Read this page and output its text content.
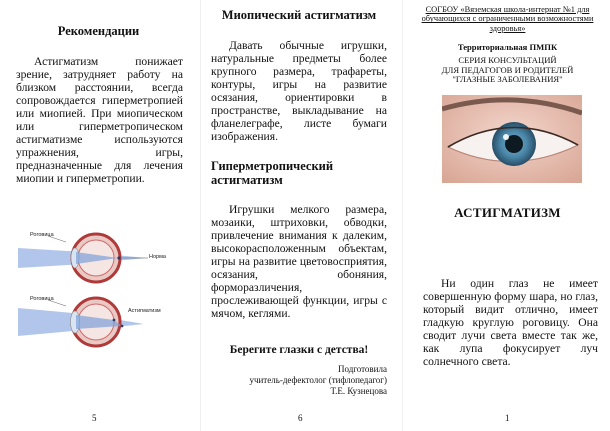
Рекомендации

Астигматизм понижает зрение, затрудняет работу на близком расстоянии, всегда сопровождается гиперметропией или миопией. При миопическом или гиперметропическом астигматизме используются упражнения, игры, предназначенные для лечения миопии и гиперметропии.

Роговица
Норма
Роговица
Астигматизм
5
Миопический астигматизм

Давать обычные игрушки, натуральные предметы более крупного размера, трафареты, контуры, игры на развитие осязания, ориентировки в пространстве, выкладывание на фланелеграфе, листе бумаги изображения.

Гиперметропический астигматизм

Игрушки мелкого размера, мозаики, штриховки, обводки, привлечение внимания к далеким, высокорасположенным объектам, игры на развитие цветовосприятия, осязания, обоняния, форморазличения, прослеживающей функции, игры с мячом, кеглями.

Берегите глазки с детства!
Подготовила
учитель-дефектолог (тифлопедагог)
Т.Е. Кузнецова
6
СОГБОУ «Вяземская школа-интернат №1 для обучающихся с ограниченными возможностями здоровья»
Территориальная ПМПК
СЕРИЯ КОНСУЛЬТАЦИЙ
ДЛЯ ПЕДАГОГОВ И РОДИТЕЛЕЙ
"ГЛАЗНЫЕ ЗАБОЛЕВАНИЯ"
АСТИГМАТИЗМ

Ни один глаз не имеет совершенную форму шара, но глаз, который видит отлично, имеет гладкую круглую роговицу. Она сводит лучи света вместе так же, как лупа фокусирует луч солнечного света.

1
